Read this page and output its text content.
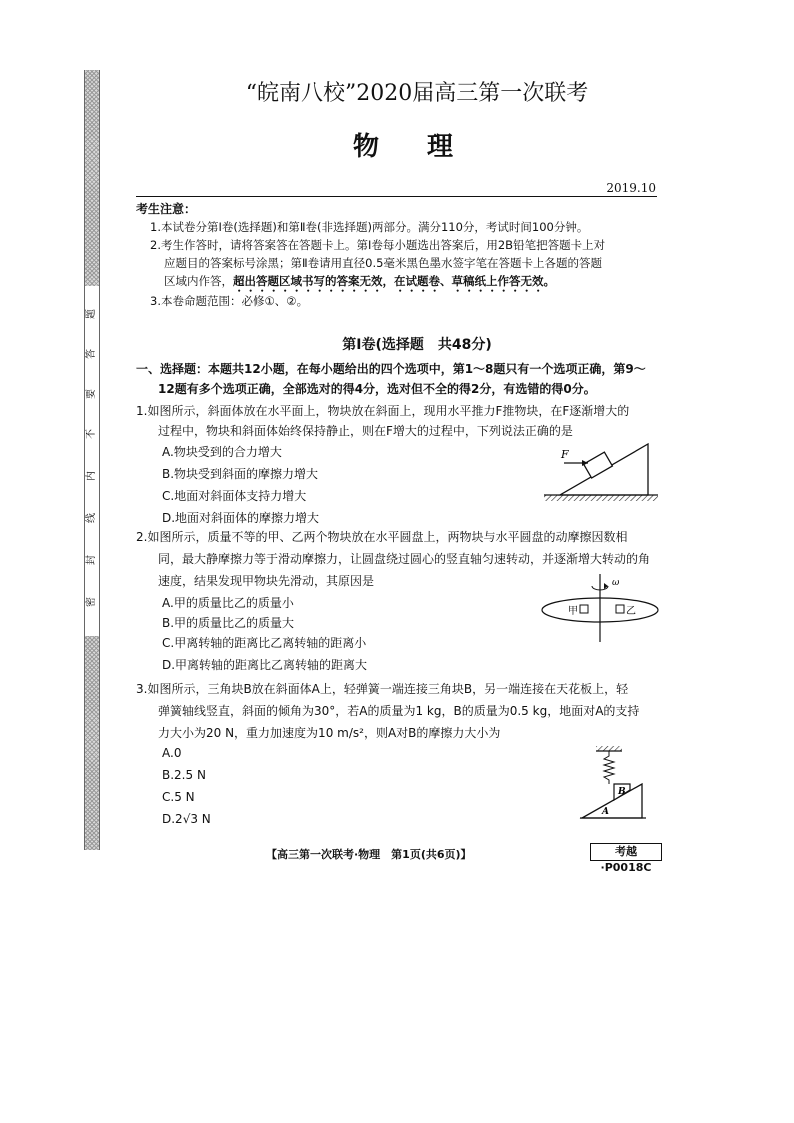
密
封
线
内
不
要
答
题
“皖南八校”2020届高三第一次联考
物理
2019.10
考生注意：
1.本试卷分第Ⅰ卷(选择题)和第Ⅱ卷(非选择题)两部分。满分110分，考试时间100分钟。
2.考生作答时，请将答案答在答题卡上。第Ⅰ卷每小题选出答案后，用2B铅笔把答题卡上对
应题目的答案标号涂黑；第Ⅱ卷请用直径0.5毫米黑色墨水签字笔在答题卡上各题的答题
区域内作答，超出答题区域书写的答案无效，在试题卷、草稿纸上作答无效。
3.本卷命题范围：必修①、②。
第Ⅰ卷(选择题　共48分)
一、选择题：本题共12小题，在每小题给出的四个选项中，第1～8题只有一个选项正确，第9～
12题有多个选项正确，全部选对的得4分，选对但不全的得2分，有选错的得0分。
1.如图所示，斜面体放在水平面上，物块放在斜面上，现用水平推力F推物块，在F逐渐增大的
过程中，物块和斜面体始终保持静止，则在F增大的过程中，下列说法正确的是
A.物块受到的合力增大
B.物块受到斜面的摩擦力增大
C.地面对斜面体支持力增大
D.地面对斜面体的摩擦力增大
F
2.如图所示，质量不等的甲、乙两个物块放在水平圆盘上，两物块与水平圆盘的动摩擦因数相
同，最大静摩擦力等于滑动摩擦力，让圆盘绕过圆心的竖直轴匀速转动，并逐渐增大转动的角
速度，结果发现甲物块先滑动，其原因是
A.甲的质量比乙的质量小
B.甲的质量比乙的质量大
C.甲离转轴的距离比乙离转轴的距离小
D.甲离转轴的距离比乙离转轴的距离大
ω
甲	乙
3.如图所示，三角块B放在斜面体A上，轻弹簧一端连接三角块B，另一端连接在天花板上，轻
弹簧轴线竖直，斜面的倾角为30°，若A的质量为1 kg，B的质量为0.5 kg，地面对A的支持
力大小为20 N，重力加速度为10 m/s²，则A对B的摩擦力大小为
A.0
B.2.5 N
C.5 N
D.2√3 N
B
A
【高三第一次联考·物理　第1页(共6页)】	考越·P0018C
